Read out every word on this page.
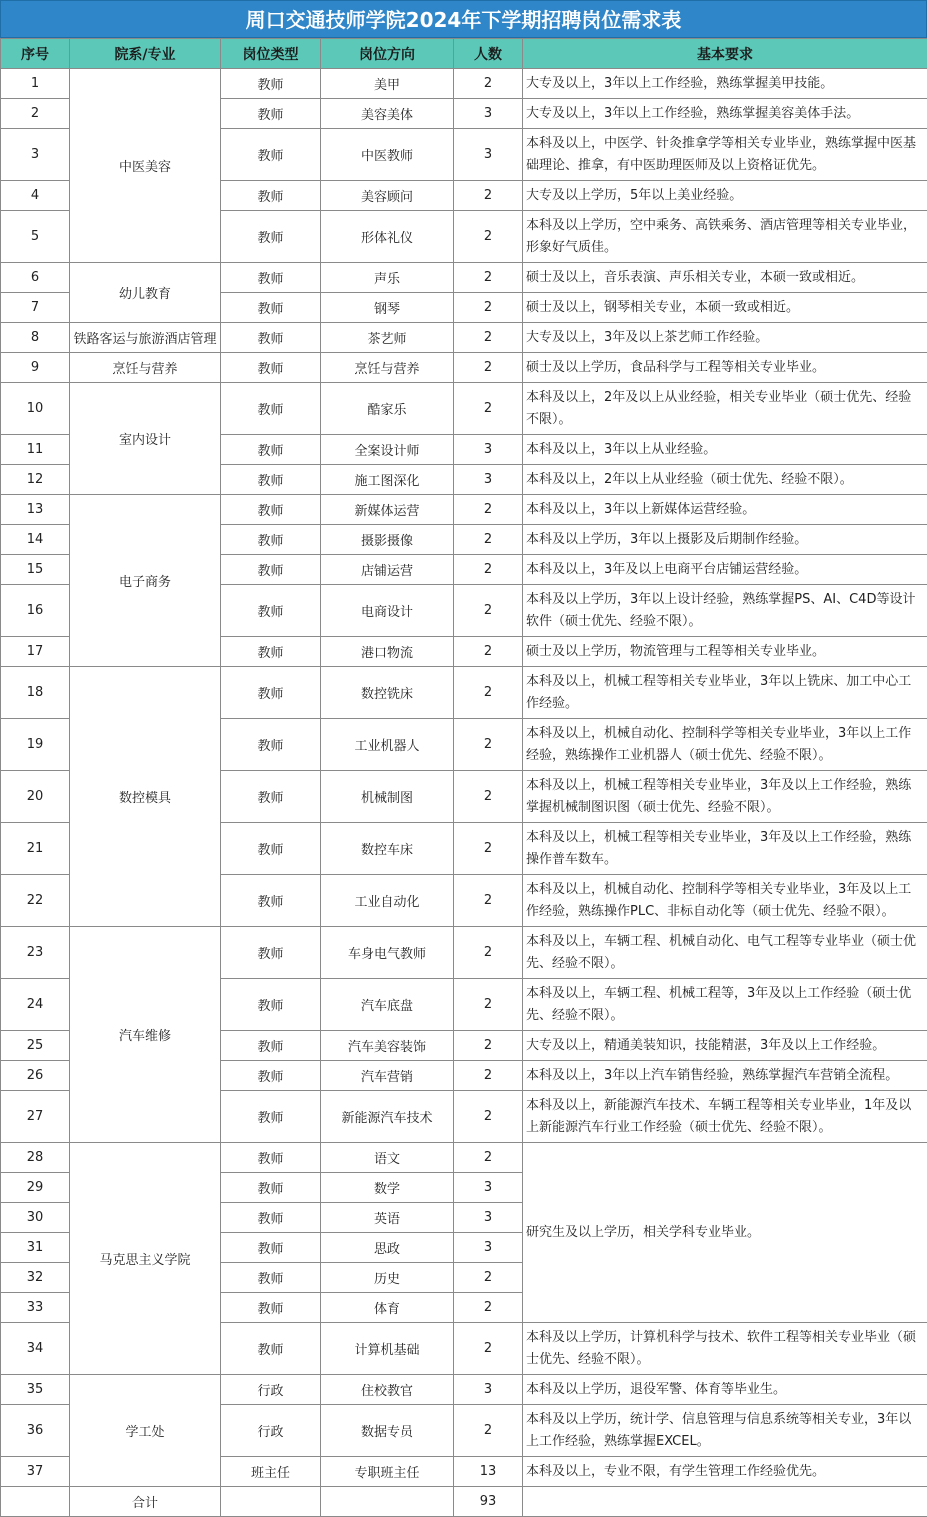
周口交通技师学院2024年下学期招聘岗位需求表
序号	院系/专业	岗位类型	岗位方向	人数	基本要求
1	中医美容	教师	美甲	2	大专及以上，3年以上工作经验，熟练掌握美甲技能。
2		教师	美容美体	3	大专及以上，3年以上工作经验，熟练掌握美容美体手法。
3		教师	中医教师	3	本科及以上，中医学、针灸推拿学等相关专业毕业，熟练掌握中医基础理论、推拿，有中医助理医师及以上资格证优先。
4		教师	美容顾问	2	大专及以上学历，5年以上美业经验。
5		教师	形体礼仪	2	本科及以上学历，空中乘务、高铁乘务、酒店管理等相关专业毕业，形象好气质佳。
6	幼儿教育	教师	声乐	2	硕士及以上，音乐表演、声乐相关专业，本硕一致或相近。
7		教师	钢琴	2	硕士及以上，钢琴相关专业，本硕一致或相近。
8	铁路客运与旅游酒店管理	教师	茶艺师	2	大专及以上，3年及以上茶艺师工作经验。
9	烹饪与营养	教师	烹饪与营养	2	硕士及以上学历，食品科学与工程等相关专业毕业。
10	室内设计	教师	酷家乐	2	本科及以上，2年及以上从业经验，相关专业毕业（硕士优先、经验不限）。
11		教师	全案设计师	3	本科及以上，3年以上从业经验。
12		教师	施工图深化	3	本科及以上，2年以上从业经验（硕士优先、经验不限）。
13	电子商务	教师	新媒体运营	2	本科及以上，3年以上新媒体运营经验。
14		教师	摄影摄像	2	本科及以上学历，3年以上摄影及后期制作经验。
15		教师	店铺运营	2	本科及以上，3年及以上电商平台店铺运营经验。
16		教师	电商设计	2	本科及以上学历，3年以上设计经验，熟练掌握PS、AI、C4D等设计软件（硕士优先、经验不限）。
17		教师	港口物流	2	硕士及以上学历，物流管理与工程等相关专业毕业。
18	数控模具	教师	数控铣床	2	本科及以上，机械工程等相关专业毕业，3年以上铣床、加工中心工作经验。
19		教师	工业机器人	2	本科及以上，机械自动化、控制科学等相关专业毕业，3年以上工作经验，熟练操作工业机器人（硕士优先、经验不限）。
20		教师	机械制图	2	本科及以上，机械工程等相关专业毕业，3年及以上工作经验，熟练掌握机械制图识图（硕士优先、经验不限）。
21		教师	数控车床	2	本科及以上，机械工程等相关专业毕业，3年及以上工作经验，熟练操作普车数车。
22		教师	工业自动化	2	本科及以上，机械自动化、控制科学等相关专业毕业，3年及以上工作经验，熟练操作PLC、非标自动化等（硕士优先、经验不限）。
23	汽车维修	教师	车身电气教师	2	本科及以上，车辆工程、机械自动化、电气工程等专业毕业（硕士优先、经验不限）。
24		教师	汽车底盘	2	本科及以上，车辆工程、机械工程等，3年及以上工作经验（硕士优先、经验不限）。
25		教师	汽车美容装饰	2	大专及以上，精通美装知识，技能精湛，3年及以上工作经验。
26		教师	汽车营销	2	本科及以上，3年以上汽车销售经验，熟练掌握汽车营销全流程。
27		教师	新能源汽车技术	2	本科及以上，新能源汽车技术、车辆工程等相关专业毕业，1年及以上新能源汽车行业工作经验（硕士优先、经验不限）。
28	马克思主义学院	教师	语文	2	研究生及以上学历，相关学科专业毕业。
29		教师	数学	3	
30		教师	英语	3	
31		教师	思政	3	
32		教师	历史	2	
33		教师	体育	2	
34		教师	计算机基础	2	本科及以上学历，计算机科学与技术、软件工程等相关专业毕业（硕士优先、经验不限）。
35	学工处	行政	住校教官	3	本科及以上学历，退役军警、体育等毕业生。
36		行政	数据专员	2	本科及以上学历，统计学、信息管理与信息系统等相关专业，3年以上工作经验，熟练掌握EXCEL。
37		班主任	专职班主任	13	本科及以上，专业不限，有学生管理工作经验优先。
	合计			93	
